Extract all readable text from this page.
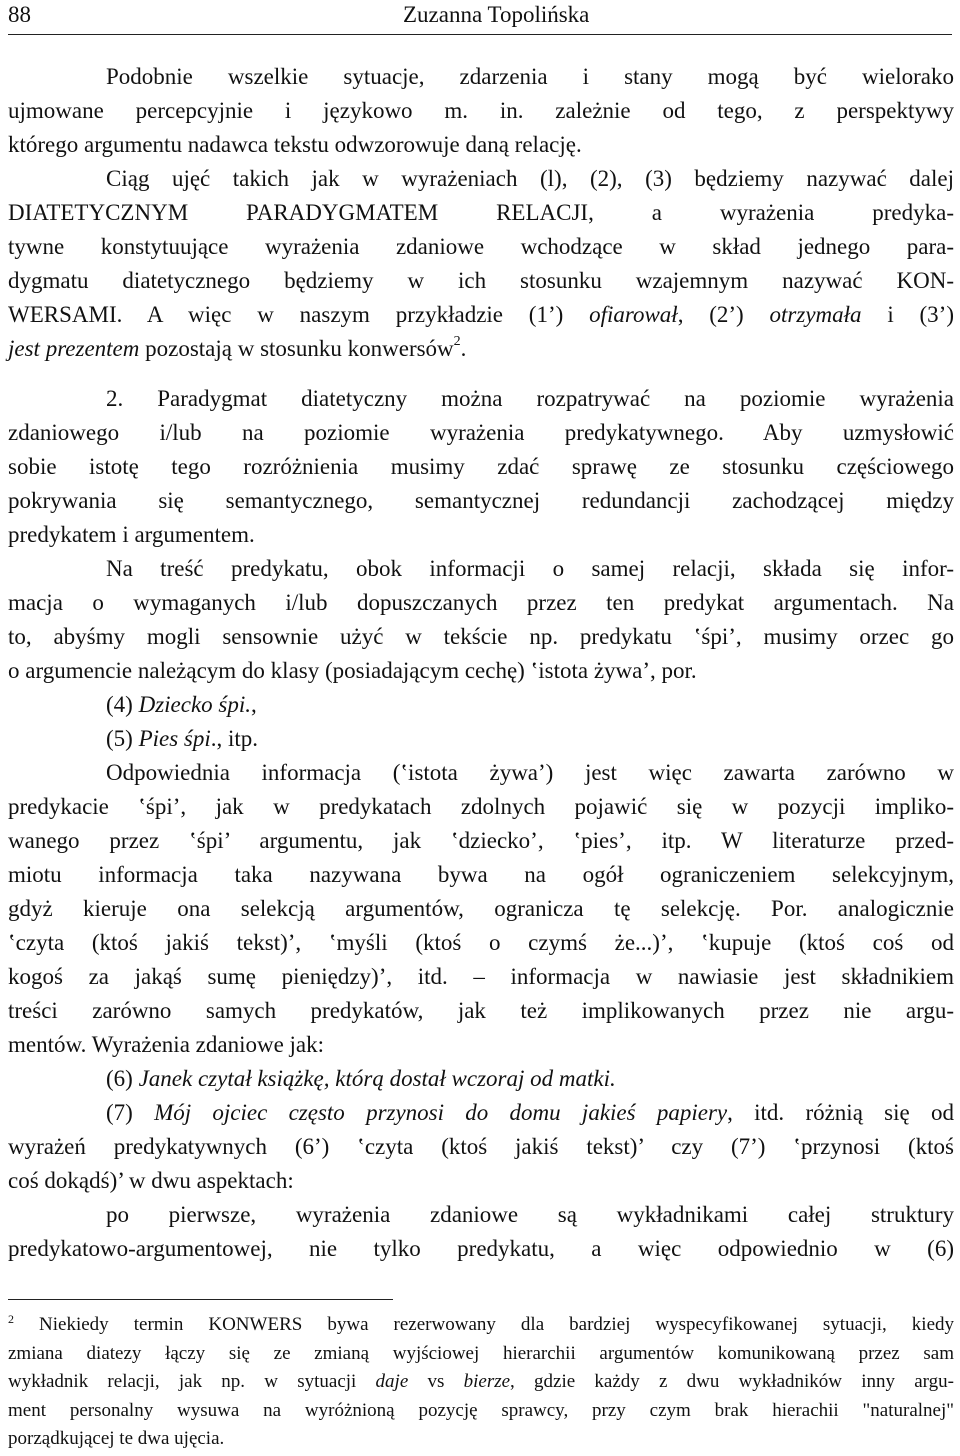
88	Zuzanna Topolińska
Podobnie wszelkie sytuacje, zdarzenia i stany mogą być wielorako
ujmowane percepcyjnie i językowo m. in. zależnie od tego, z perspektywy
którego argumentu nadawca tekstu odwzorowuje daną relację.
Ciąg ujęć takich jak w wyrażeniach (l), (2), (3) będziemy nazywać dalej
DIATETYCZNYM PARADYGMATEM RELACJI, a wyrażenia predyka-
tywne konstytuujące wyrażenia zdaniowe wchodzące w skład jednego para-
dygmatu diatetycznego będziemy w ich stosunku wzajemnym nazywać KON-
WERSAMI. A więc w naszym przykładzie (1’) ofiarował, (2’) otrzymała i (3’)
jest prezentem pozostają w stosunku konwersów$^2$.
2. Paradygmat diatetyczny można rozpatrywać na poziomie wyrażenia
zdaniowego i/lub na poziomie wyrażenia predykatywnego. Aby uzmysłowić
sobie istotę tego rozróżnienia musimy zdać sprawę ze stosunku częściowego
pokrywania się semantycznego, semantycznej redundancji zachodzącej między
predykatem i argumentem.
Na treść predykatu, obok informacji o samej relacji, składa się infor-
macja o wymaganych i/lub dopuszczanych przez ten predykat argumentach. Na
to, abyśmy mogli sensownie użyć w tekście np. predykatu ʽśpi’, musimy orzec go
o argumencie należącym do klasy (posiadającym cechę) ʽistota żywa’, por.
(4) Dziecko śpi.,
(5) Pies śpi., itp.
Odpowiednia informacja (ʽistota żywa’) jest więc zawarta zarówno w
predykacie ʽśpi’, jak w predykatach zdolnych pojawić się w pozycji impliko-
wanego przez ʽśpi’ argumentu, jak ʽdziecko’, ʽpies’, itp. W literaturze przed-
miotu informacja taka nazywana bywa na ogół ograniczeniem selekcyjnym,
gdyż kieruje ona selekcją argumentów, ogranicza tę selekcję. Por. analogicznie
ʽczyta (ktoś jakiś tekst)’, ʽmyśli (ktoś o czymś że...)’, ʽkupuje (ktoś coś od
kogoś za jakąś sumę pieniędzy)’, itd. – informacja w nawiasie jest składnikiem
treści zarówno samych predykatów, jak też implikowanych przez nie argu-
mentów. Wyrażenia zdaniowe jak:
(6) Janek czytał książkę, którą dostał wczoraj od matki.
(7) Mój ojciec często przynosi do domu jakieś papiery, itd. różnią się od
wyrażeń predykatywnych (6’) ʽczyta (ktoś jakiś tekst)’ czy (7’) ʽprzynosi (ktoś
coś dokądś)’ w dwu aspektach:
po pierwsze, wyrażenia zdaniowe są wykładnikami całej struktury
predykatowo-argumentowej, nie tylko predykatu, a więc odpowiednio w (6)
$^2$ Niekiedy termin KONWERS bywa rezerwowany dla bardziej wyspecyfikowanej sytuacji, kiedy
zmiana diatezy łączy się ze zmianą wyjściowej hierarchii argumentów komunikowaną przez sam
wykładnik relacji, jak np. w sytuacji daje vs bierze, gdzie każdy z dwu wykładników inny argu-
ment personalny wysuwa na wyróżnioną pozycję sprawcy, przy czym brak hierachii "naturalnej"
porządkującej te dwa ujęcia.
